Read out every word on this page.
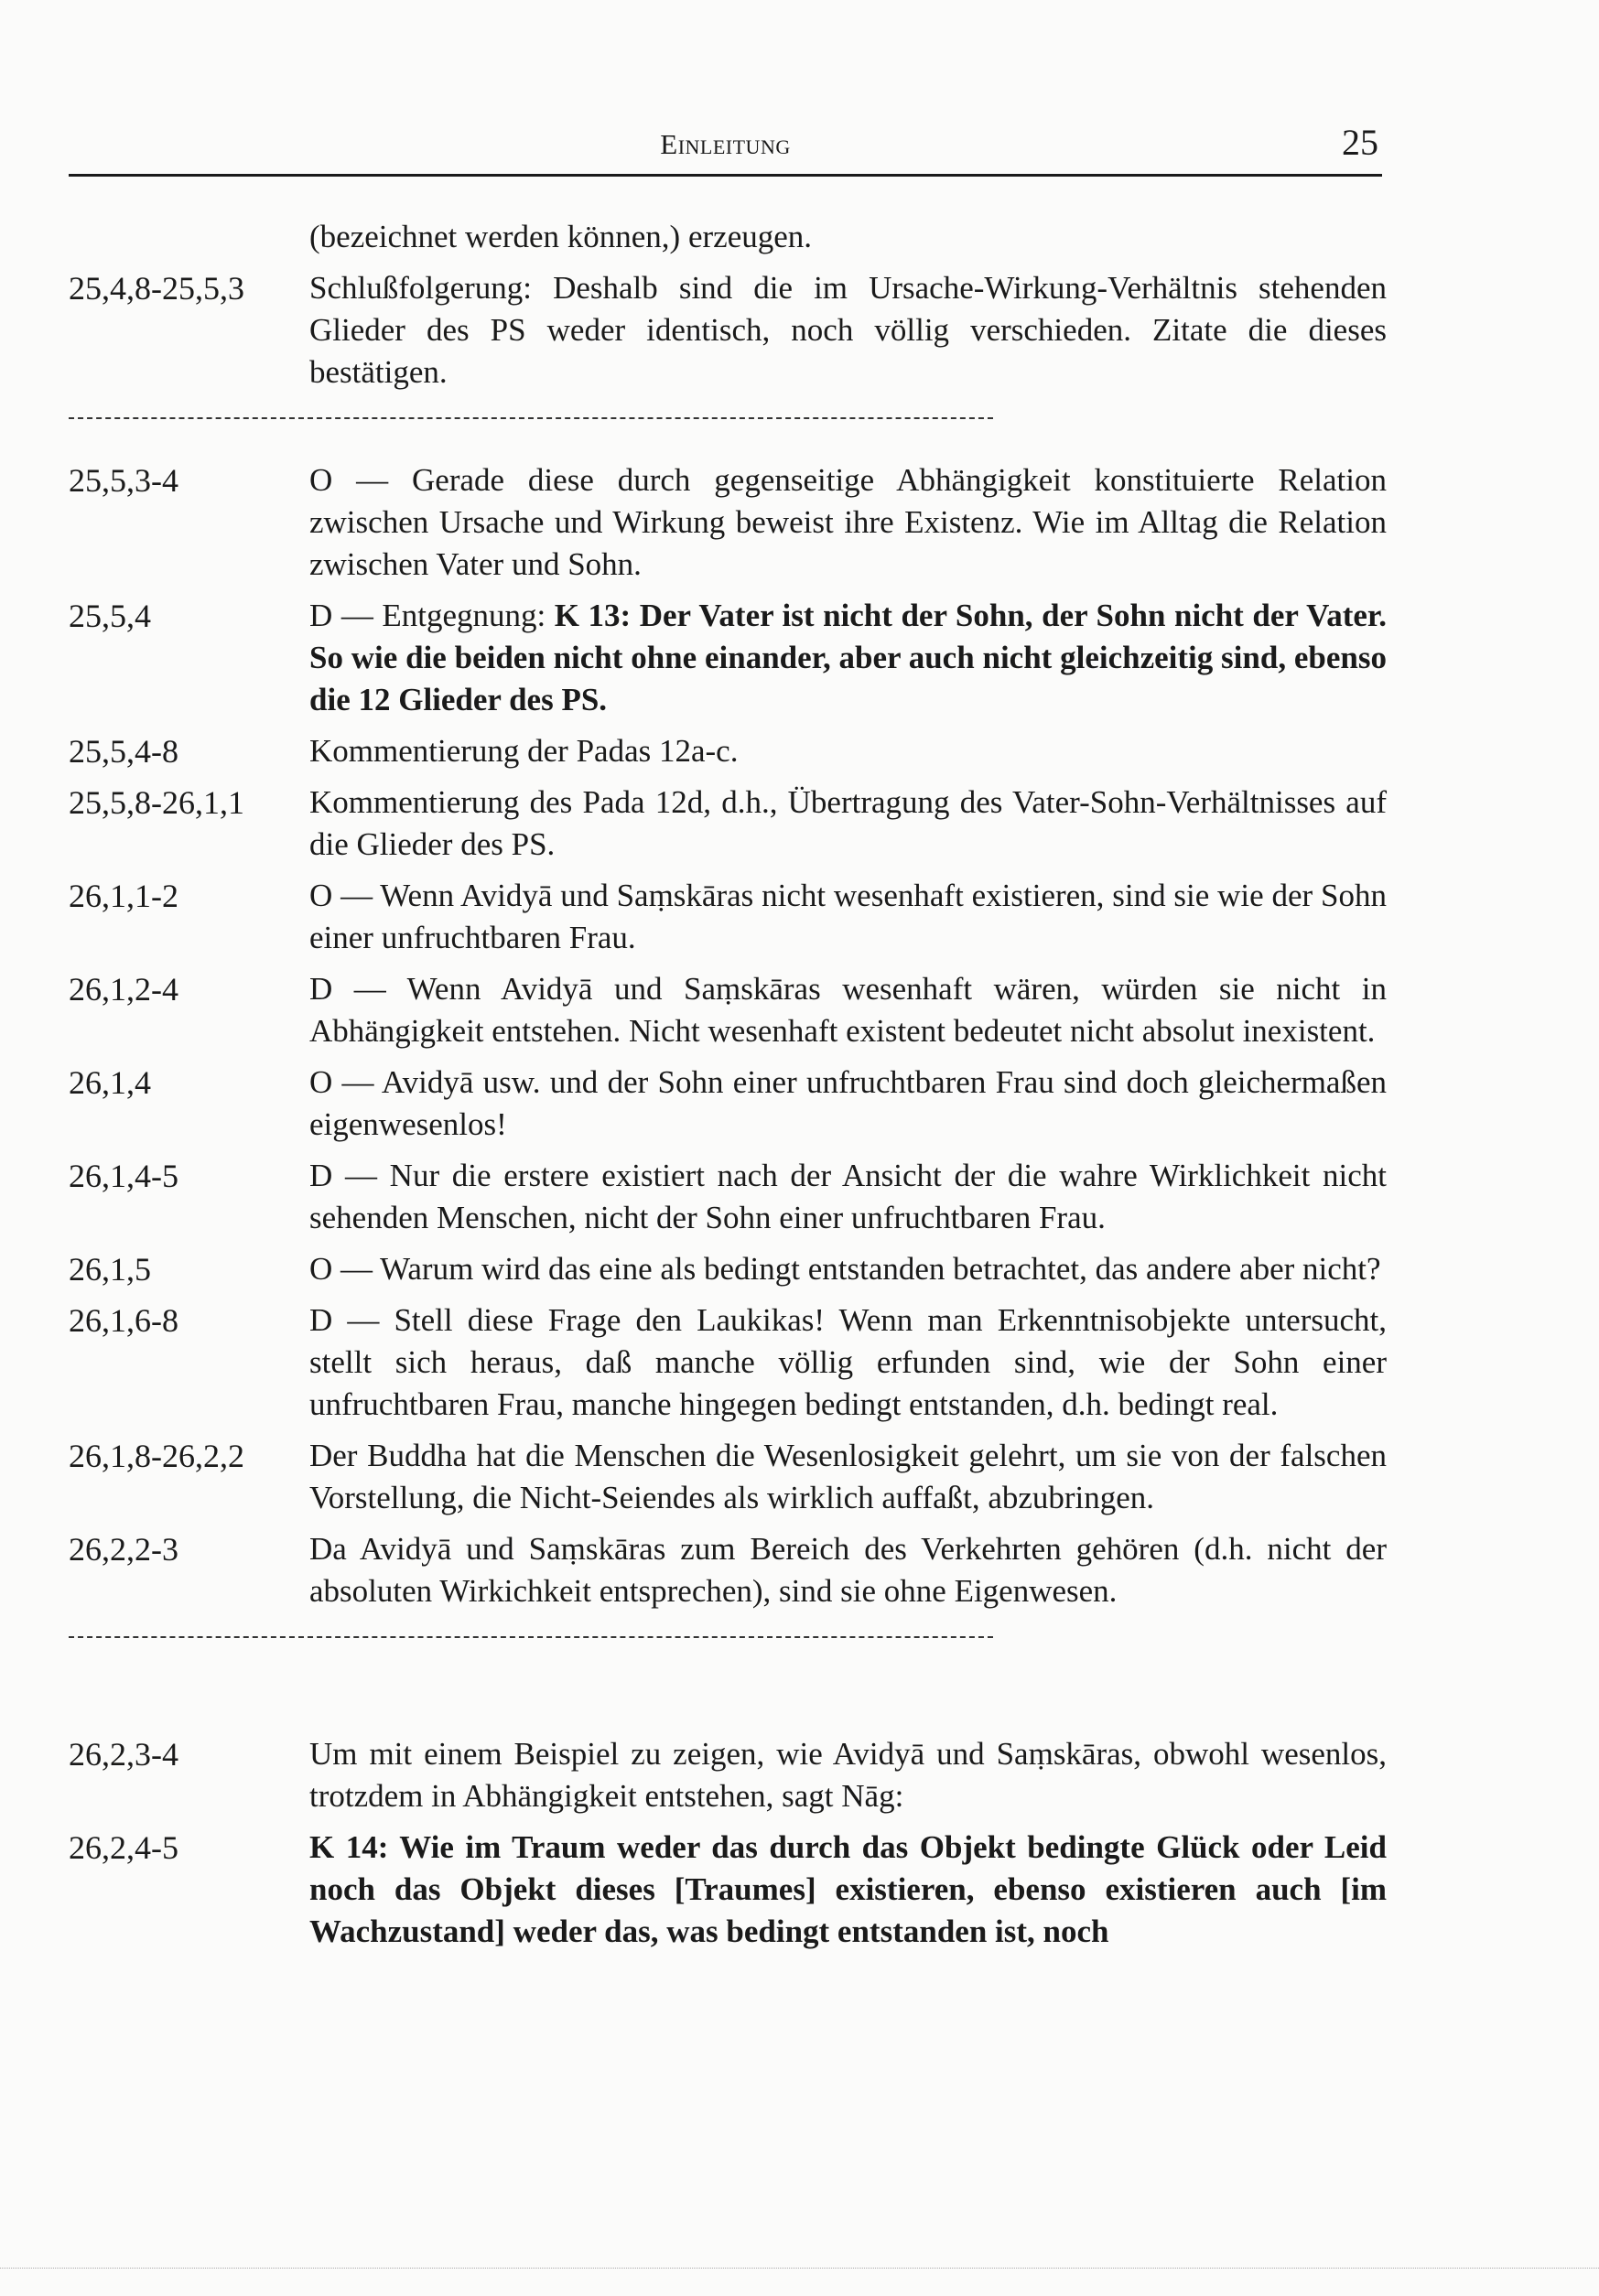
Einleitung	25
(bezeichnet werden können,) erzeugen.
25,4,8-25,5,3	Schlußfolgerung: Deshalb sind die im Ursache-Wirkung-Verhältnis stehenden Glieder des PS weder identisch, noch völlig verschieden. Zitate die dieses bestätigen.
25,5,3-4	O — Gerade diese durch gegenseitige Abhängigkeit konstituierte Relation zwischen Ursache und Wirkung beweist ihre Existenz. Wie im Alltag die Relation zwischen Vater und Sohn.
25,5,4	D — Entgegnung: K 13: Der Vater ist nicht der Sohn, der Sohn nicht der Vater. So wie die beiden nicht ohne einander, aber auch nicht gleichzeitig sind, ebenso die 12 Glieder des PS.
25,5,4-8	Kommentierung der Padas 12a-c.
25,5,8-26,1,1	Kommentierung des Pada 12d, d.h., Übertragung des Vater-Sohn-Verhältnisses auf die Glieder des PS.
26,1,1-2	O — Wenn Avidyā und Saṃskāras nicht wesenhaft existieren, sind sie wie der Sohn einer unfruchtbaren Frau.
26,1,2-4	D — Wenn Avidyā und Saṃskāras wesenhaft wären, würden sie nicht in Abhängigkeit entstehen. Nicht wesenhaft existent bedeutet nicht absolut inexistent.
26,1,4	O — Avidyā usw. und der Sohn einer unfruchtbaren Frau sind doch gleichermaßen eigenwesenlos!
26,1,4-5	D — Nur die erstere existiert nach der Ansicht der die wahre Wirklichkeit nicht sehenden Menschen, nicht der Sohn einer unfruchtbaren Frau.
26,1,5	O — Warum wird das eine als bedingt entstanden betrachtet, das andere aber nicht?
26,1,6-8	D — Stell diese Frage den Laukikas! Wenn man Erkenntnisobjekte untersucht, stellt sich heraus, daß manche völlig erfunden sind, wie der Sohn einer unfruchtbaren Frau, manche hingegen bedingt entstanden, d.h. bedingt real.
26,1,8-26,2,2	Der Buddha hat die Menschen die Wesenlosigkeit gelehrt, um sie von der falschen Vorstellung, die Nicht-Seiendes als wirklich auffaßt, abzubringen.
26,2,2-3	Da Avidyā und Saṃskāras zum Bereich des Verkehrten gehören (d.h. nicht der absoluten Wirkichkeit entsprechen), sind sie ohne Eigenwesen.
26,2,3-4	Um mit einem Beispiel zu zeigen, wie Avidyā und Saṃskāras, obwohl wesenlos, trotzdem in Abhängigkeit entstehen, sagt Nāg:
26,2,4-5	K 14: Wie im Traum weder das durch das Objekt bedingte Glück oder Leid noch das Objekt dieses [Traumes] existieren, ebenso existieren auch [im Wachzustand] weder das, was bedingt entstanden ist, noch
